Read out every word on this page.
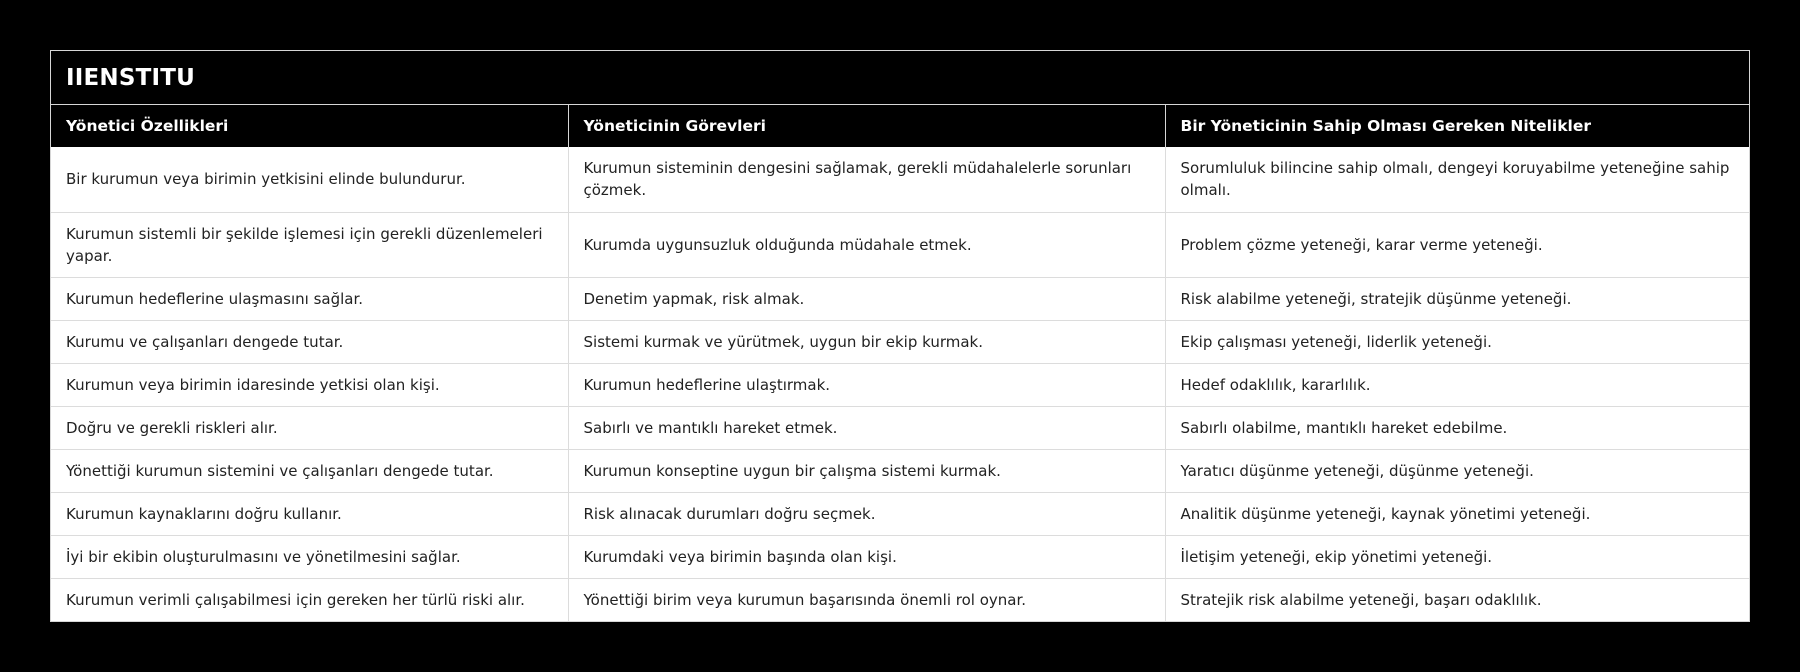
IIENSTITU
Yönetici Özellikleri	Yöneticinin Görevleri	Bir Yöneticinin Sahip Olması Gereken Nitelikler
Bir kurumun veya birimin yetkisini elinde bulundurur.	Kurumun sisteminin dengesini sağlamak, gerekli müdahalelerle sorunları çözmek.	Sorumluluk bilincine sahip olmalı, dengeyi koruyabilme yeteneğine sahip olmalı.
Kurumun sistemli bir şekilde işlemesi için gerekli düzenlemeleri yapar.	Kurumda uygunsuzluk olduğunda müdahale etmek.	Problem çözme yeteneği, karar verme yeteneği.
Kurumun hedeflerine ulaşmasını sağlar.	Denetim yapmak, risk almak.	Risk alabilme yeteneği, stratejik düşünme yeteneği.
Kurumu ve çalışanları dengede tutar.	Sistemi kurmak ve yürütmek, uygun bir ekip kurmak.	Ekip çalışması yeteneği, liderlik yeteneği.
Kurumun veya birimin idaresinde yetkisi olan kişi.	Kurumun hedeflerine ulaştırmak.	Hedef odaklılık, kararlılık.
Doğru ve gerekli riskleri alır.	Sabırlı ve mantıklı hareket etmek.	Sabırlı olabilme, mantıklı hareket edebilme.
Yönettiği kurumun sistemini ve çalışanları dengede tutar.	Kurumun konseptine uygun bir çalışma sistemi kurmak.	Yaratıcı düşünme yeteneği, düşünme yeteneği.
Kurumun kaynaklarını doğru kullanır.	Risk alınacak durumları doğru seçmek.	Analitik düşünme yeteneği, kaynak yönetimi yeteneği.
İyi bir ekibin oluşturulmasını ve yönetilmesini sağlar.	Kurumdaki veya birimin başında olan kişi.	İletişim yeteneği, ekip yönetimi yeteneği.
Kurumun verimli çalışabilmesi için gereken her türlü riski alır.	Yönettiği birim veya kurumun başarısında önemli rol oynar.	Stratejik risk alabilme yeteneği, başarı odaklılık.
